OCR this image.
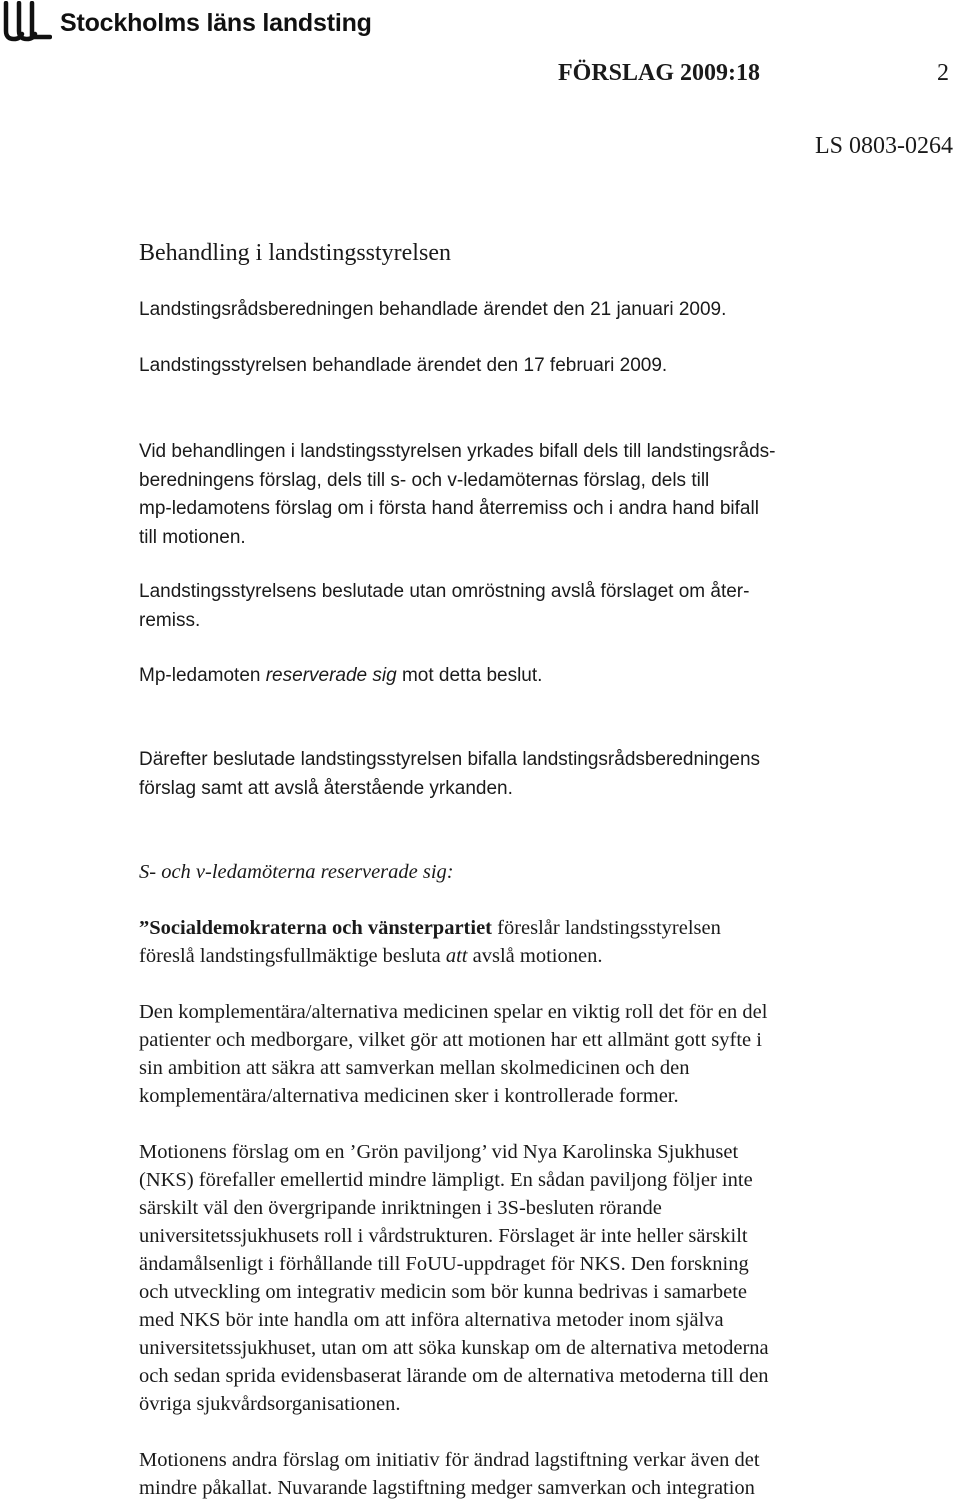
Stockholms läns landsting
FÖRSLAG 2009:18	2
LS 0803-0264
Behandling i landstingsstyrelsen
Landstingsrådsberedningen behandlade ärendet den 21 januari 2009.
Landstingsstyrelsen behandlade ärendet den 17 februari 2009.
Vid behandlingen i landstingsstyrelsen yrkades bifall dels till landstingsråds-
beredningens förslag, dels till s- och v-ledamöternas förslag, dels till
mp-ledamotens förslag om i första hand återremiss och i andra hand bifall
till motionen.
Landstingsstyrelsens beslutade utan omröstning avslå förslaget om åter-
remiss.
Mp-ledamoten reserverade sig mot detta beslut.
Därefter beslutade landstingsstyrelsen bifalla landstingsrådsberedningens
förslag samt att avslå återstående yrkanden.
S- och v-ledamöterna reserverade sig:
”Socialdemokraterna och vänsterpartiet föreslår landstingsstyrelsen
föreslå landstingsfullmäktige besluta att avslå motionen.
Den komplementära/alternativa medicinen spelar en viktig roll det för en del
patienter och medborgare, vilket gör att motionen har ett allmänt gott syfte i
sin ambition att säkra att samverkan mellan skolmedicinen och den
komplementära/alternativa medicinen sker i kontrollerade former.
Motionens förslag om en ’Grön paviljong’ vid Nya Karolinska Sjukhuset
(NKS) förefaller emellertid mindre lämpligt. En sådan paviljong följer inte
särskilt väl den övergripande inriktningen i 3S-besluten rörande
universitetssjukhusets roll i vårdstrukturen. Förslaget är inte heller särskilt
ändamålsenligt i förhållande till FoUU-uppdraget för NKS. Den forskning
och utveckling om integrativ medicin som bör kunna bedrivas i samarbete
med NKS bör inte handla om att införa alternativa metoder inom själva
universitetssjukhuset, utan om att söka kunskap om de alternativa metoderna
och sedan sprida evidensbaserat lärande om de alternativa metoderna till den
övriga sjukvårdsorganisationen.
Motionens andra förslag om initiativ för ändrad lagstiftning verkar även det
mindre påkallat. Nuvarande lagstiftning medger samverkan och integration
